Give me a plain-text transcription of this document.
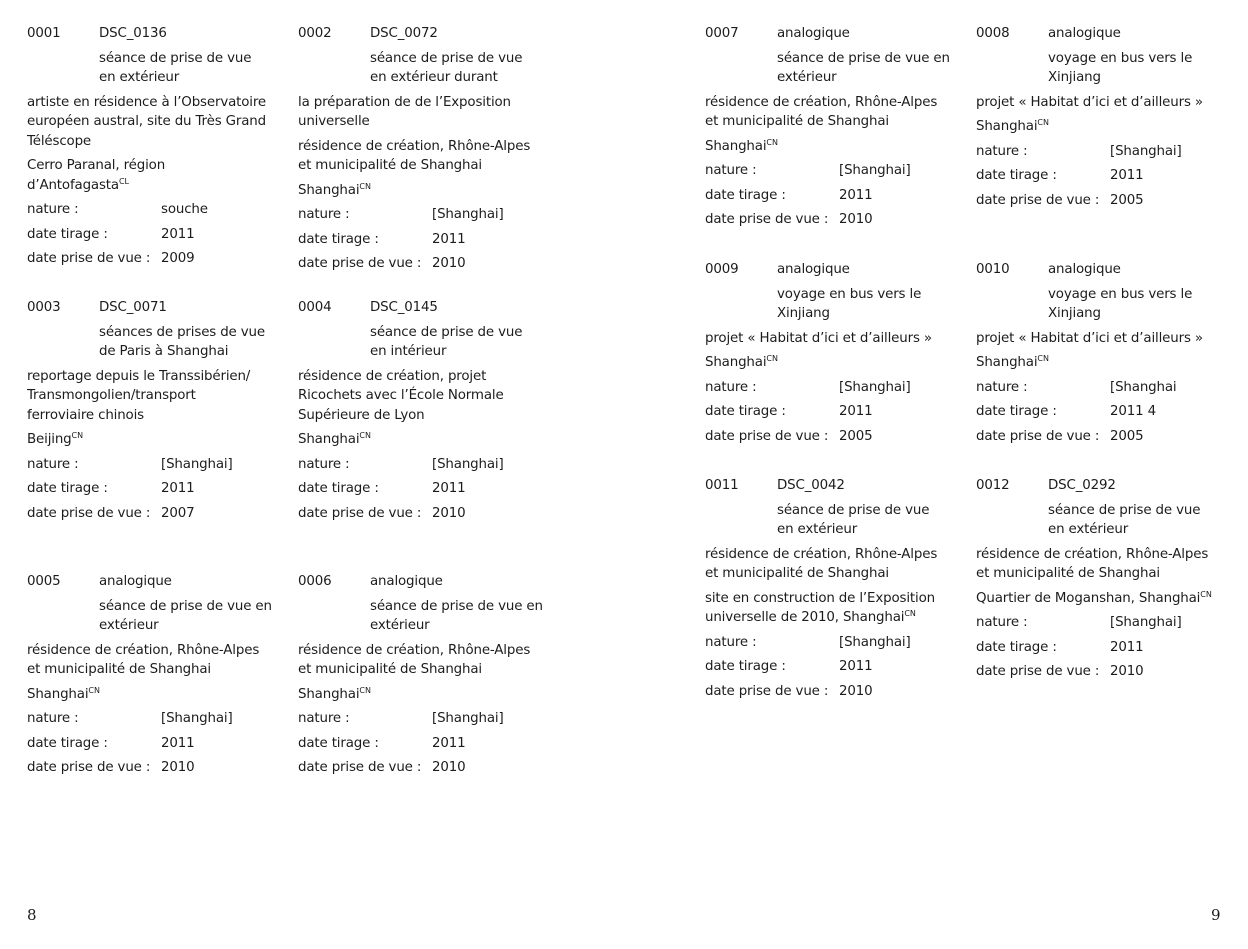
0001	DSC_0136
séance de prise de vue
en extérieur
artiste en résidence à l’Observatoire
européen austral, site du Très Grand
Téléscope
Cerro Paranal, région
d’Antofagasta$^{CL}$
nature :	souche
date tirage :	2011
date prise de vue : 2009
0002	DSC_0072
séance de prise de vue
en extérieur durant
la préparation de de l’Exposition
universelle
résidence de création, Rhône-Alpes
et municipalité de Shanghai
Shanghai$^{CN}$
nature :	[Shanghai]
date tirage :	2011
date prise de vue : 2010
0003	DSC_0071
séances de prises de vue
de Paris à Shanghai
reportage depuis le Transsibérien/
Transmongolien/transport
ferroviaire chinois
Beijing$^{CN}$
nature :	[Shanghai]
date tirage :	2011
date prise de vue : 2007
0004	DSC_0145
séance de prise de vue
en intérieur
résidence de création, projet
Ricochets avec l’École Normale
Supérieure de Lyon
Shanghai$^{CN}$
nature :	[Shanghai]
date tirage :	2011
date prise de vue : 2010
0005	analogique
séance de prise de vue en
extérieur
résidence de création, Rhône-Alpes
et municipalité de Shanghai
Shanghai$^{CN}$
nature :	[Shanghai]
date tirage :	2011
date prise de vue : 2010
0006	analogique
séance de prise de vue en
extérieur
résidence de création, Rhône-Alpes
et municipalité de Shanghai
Shanghai$^{CN}$
nature :	[Shanghai]
date tirage :	2011
date prise de vue : 2010
8
0007	analogique
séance de prise de vue en
extérieur
résidence de création, Rhône-Alpes
et municipalité de Shanghai
Shanghai$^{CN}$
nature :	[Shanghai]
date tirage :	2011
date prise de vue : 2010
0008	analogique
voyage en bus vers le
Xinjiang
projet « Habitat d’ici et d’ailleurs »
Shanghai$^{CN}$
nature :	[Shanghai]
date tirage :	2011
date prise de vue : 2005
0009	analogique
voyage en bus vers le
Xinjiang
projet « Habitat d’ici et d’ailleurs »
Shanghai$^{CN}$
nature :	[Shanghai]
date tirage :	2011
date prise de vue : 2005
0010	analogique
voyage en bus vers le
Xinjiang
projet « Habitat d’ici et d’ailleurs »
Shanghai$^{CN}$
nature :	[Shanghai
date tirage :	2011 4
date prise de vue : 2005
0011	DSC_0042
séance de prise de vue
en extérieur
résidence de création, Rhône-Alpes
et municipalité de Shanghai
site en construction de l’Exposition
universelle de 2010, Shanghai$^{CN}$
nature :	[Shanghai]
date tirage :	2011
date prise de vue : 2010
0012	DSC_0292
séance de prise de vue
en extérieur
résidence de création, Rhône-Alpes
et municipalité de Shanghai
Quartier de Moganshan, Shanghai$^{CN}$
nature :	[Shanghai]
date tirage :	2011
date prise de vue : 2010
9
